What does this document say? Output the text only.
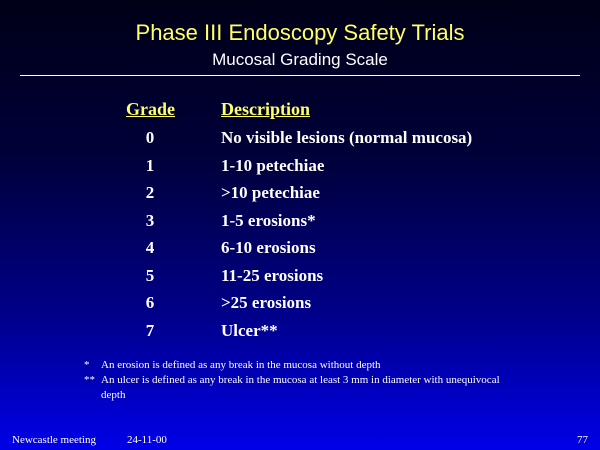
Phase III Endoscopy Safety Trials
Mucosal Grading Scale
Grade	Description
0	No visible lesions (normal mucosa)
1	1-10 petechiae
2	>10 petechiae
3	1-5 erosions*
4	6-10 erosions
5	11-25 erosions
6	>25 erosions
7	Ulcer**
* An erosion is defined as any break in the mucosa without depth
** An ulcer is defined as any break in the mucosa at least 3 mm in diameter with unequivocal depth
Newcastle meeting	24-11-00	77
